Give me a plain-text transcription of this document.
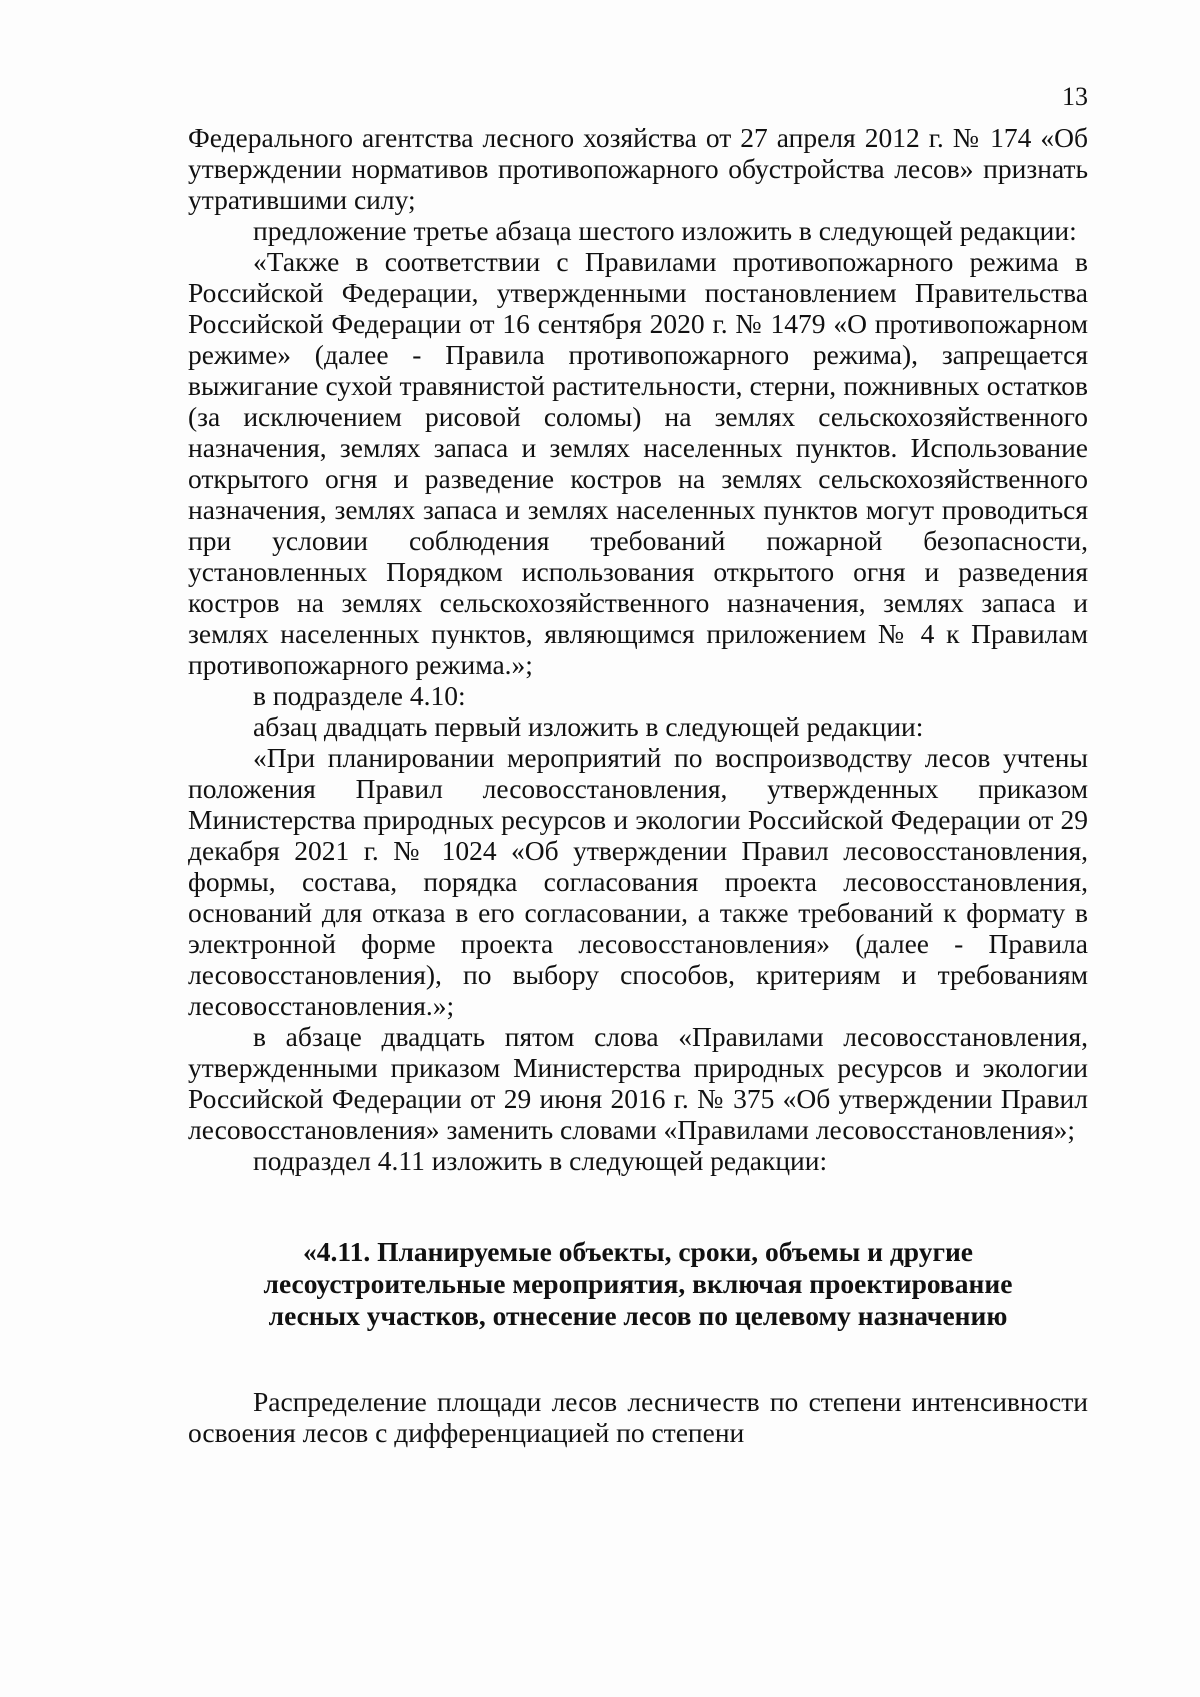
13

Федерального агентства лесного хозяйства от 27 апреля 2012 г. № 174 «Об утверждении нормативов противопожарного обустройства лесов» признать утратившими силу;

предложение третье абзаца шестого изложить в следующей редакции:

«Также в соответствии с Правилами противопожарного режима в Российской Федерации, утвержденными постановлением Правительства Российской Федерации от 16 сентября 2020 г. № 1479 «О противопожарном режиме» (далее - Правила противопожарного режима), запрещается выжигание сухой травянистой растительности, стерни, пожнивных остатков (за исключением рисовой соломы) на землях сельскохозяйственного назначения, землях запаса и землях населенных пунктов. Использование открытого огня и разведение костров на землях сельскохозяйственного назначения, землях запаса и землях населенных пунктов могут проводиться при условии соблюдения требований пожарной безопасности, установленных Порядком использования открытого огня и разведения костров на землях сельскохозяйственного назначения, землях запаса и землях населенных пунктов, являющимся приложением № 4 к Правилам противопожарного режима.»;

в подразделе 4.10:

абзац двадцать первый изложить в следующей редакции:

«При планировании мероприятий по воспроизводству лесов учтены положения Правил лесовосстановления, утвержденных приказом Министерства природных ресурсов и экологии Российской Федерации от 29 декабря 2021 г. № 1024 «Об утверждении Правил лесовосстановления, формы, состава, порядка согласования проекта лесовосстановления, оснований для отказа в его согласовании, а также требований к формату в электронной форме проекта лесовосстановления» (далее - Правила лесовосстановления), по выбору способов, критериям и требованиям лесовосстановления.»;

в абзаце двадцать пятом слова «Правилами лесовосстановления, утвержденными приказом Министерства природных ресурсов и экологии Российской Федерации от 29 июня 2016 г. № 375 «Об утверждении Правил лесовосстановления» заменить словами «Правилами лесовосстановления»;

подраздел 4.11 изложить в следующей редакции:

«4.11. Планируемые объекты, сроки, объемы и другие
лесоустроительные мероприятия, включая проектирование
лесных участков, отнесение лесов по целевому назначению

Распределение площади лесов лесничеств по степени интенсивности освоения лесов с дифференциацией по степени
